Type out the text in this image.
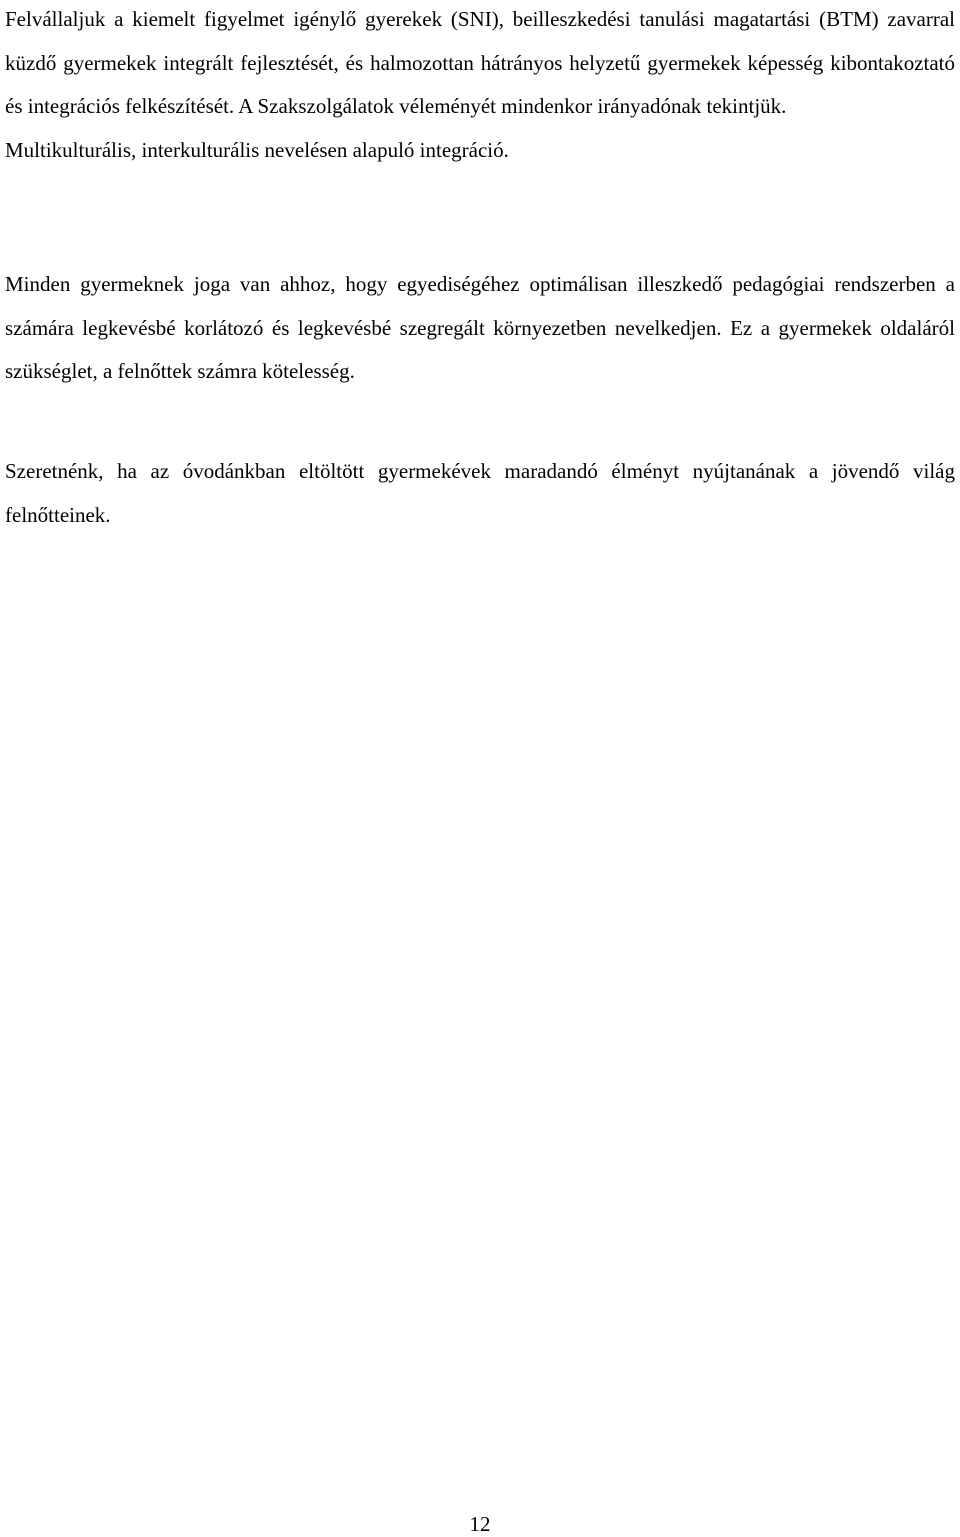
Felvállaljuk a kiemelt figyelmet igénylő gyerekek (SNI), beilleszkedési tanulási magatartási (BTM) zavarral küzdő gyermekek integrált fejlesztését, és halmozottan hátrányos helyzetű gyermekek képesség kibontakoztató és integrációs felkészítését. A Szakszolgálatok véleményét mindenkor irányadónak tekintjük.
Multikulturális, interkulturális nevelésen alapuló integráció.
Minden gyermeknek joga van ahhoz, hogy egyediségéhez optimálisan illeszkedő pedagógiai rendszerben a számára legkevésbé korlátozó és legkevésbé szegregált környezetben nevelkedjen. Ez a gyermekek oldaláról szükséglet, a felnőttek számra kötelesség.
Szeretnénk, ha az óvodánkban eltöltött gyermekévek maradandó élményt nyújtanának a jövendő világ felnőtteinek.
12
